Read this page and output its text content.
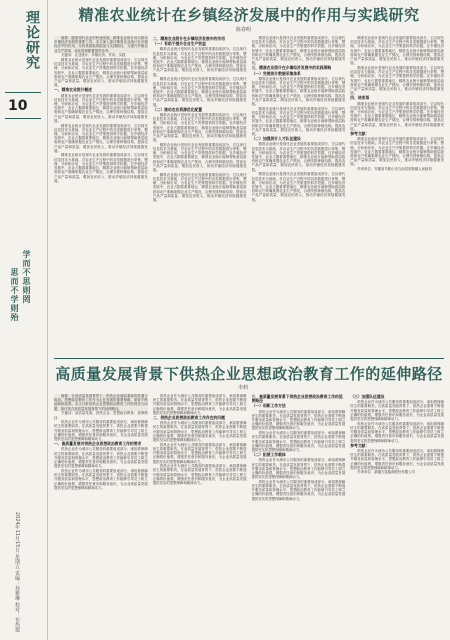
理论研究
10
学而不思则罔
思而不学则殆
2024年11月15日 星期五 责编：孙雅琳 校对：布热提
精准农业统计在乡镇经济发展中的作用与实践研究
陈春明

摘要：随着现代农业的快速发展，精准农业统计成为推动乡镇经济发展的重要工具。本文深入探讨精准农业统计在乡镇经济中的作用，分析其面临的挑战与实践路径，为提升乡镇农业生产效率、优化资源配置提供参考。

关键词：农业统计；乡镇经济；作用；实践

精准农业统计是现代农业发展的重要组成部分，它以现代信息技术为基础，对农业生产过程中的各类数据进行采集、整理、分析和应用，为农业生产决策提供科学依据。在乡镇经济发展中，农业占据着重要地位，精准农业统计能够帮助基层政府和农户准确掌握农业生产情况，合理安排种植结构，提高农产品产量和质量，增加农民收入，推动乡镇经济持续健康发展。

一、精准农业统计概述

精准农业统计是现代农业发展的重要组成部分，它以现代信息技术为基础，对农业生产过程中的各类数据进行采集、整理、分析和应用，为农业生产决策提供科学依据。在乡镇经济发展中，农业占据着重要地位，精准农业统计能够帮助基层政府和农户准确掌握农业生产情况，合理安排种植结构，提高农产品产量和质量，增加农民收入，推动乡镇经济持续健康发展。

精准农业统计是现代农业发展的重要组成部分，它以现代信息技术为基础，对农业生产过程中的各类数据进行采集、整理、分析和应用，为农业生产决策提供科学依据。在乡镇经济发展中，农业占据着重要地位，精准农业统计能够帮助基层政府和农户准确掌握农业生产情况，合理安排种植结构，提高农产品产量和质量，增加农民收入，推动乡镇经济持续健康发展。

精准农业统计是现代农业发展的重要组成部分，它以现代信息技术为基础，对农业生产过程中的各类数据进行采集、整理、分析和应用，为农业生产决策提供科学依据。在乡镇经济发展中，农业占据着重要地位，精准农业统计能够帮助基层政府和农户准确掌握农业生产情况，合理安排种植结构，提高农产品产量和质量，增加农民收入，推动乡镇经济持续健康发展。

二、精准农业统计在乡镇经济发展中的作用
（一）有助于提升农业生产效益

精准农业统计是现代农业发展的重要组成部分，它以现代信息技术为基础，对农业生产过程中的各类数据进行采集、整理、分析和应用，为农业生产决策提供科学依据。在乡镇经济发展中，农业占据着重要地位，精准农业统计能够帮助基层政府和农户准确掌握农业生产情况，合理安排种植结构，提高农产品产量和质量，增加农民收入，推动乡镇经济持续健康发展。

精准农业统计是现代农业发展的重要组成部分，它以现代信息技术为基础，对农业生产过程中的各类数据进行采集、整理、分析和应用，为农业生产决策提供科学依据。在乡镇经济发展中，农业占据着重要地位，精准农业统计能够帮助基层政府和农户准确掌握农业生产情况，合理安排种植结构，提高农产品产量和质量，增加农民收入，推动乡镇经济持续健康发展。

（二）推动农业资源优化配置

精准农业统计是现代农业发展的重要组成部分，它以现代信息技术为基础，对农业生产过程中的各类数据进行采集、整理、分析和应用，为农业生产决策提供科学依据。在乡镇经济发展中，农业占据着重要地位，精准农业统计能够帮助基层政府和农户准确掌握农业生产情况，合理安排种植结构，提高农产品产量和质量，增加农民收入，推动乡镇经济持续健康发展。

精准农业统计是现代农业发展的重要组成部分，它以现代信息技术为基础，对农业生产过程中的各类数据进行采集、整理、分析和应用，为农业生产决策提供科学依据。在乡镇经济发展中，农业占据着重要地位，精准农业统计能够帮助基层政府和农户准确掌握农业生产情况，合理安排种植结构，提高农产品产量和质量，增加农民收入，推动乡镇经济持续健康发展。

精准农业统计是现代农业发展的重要组成部分，它以现代信息技术为基础，对农业生产过程中的各类数据进行采集、整理、分析和应用，为农业生产决策提供科学依据。在乡镇经济发展中，农业占据着重要地位，精准农业统计能够帮助基层政府和农户准确掌握农业生产情况，合理安排种植结构，提高农产品产量和质量，增加农民收入，推动乡镇经济持续健康发展。

精准农业统计是现代农业发展的重要组成部分，它以现代信息技术为基础，对农业生产过程中的各类数据进行采集、整理、分析和应用，为农业生产决策提供科学依据。在乡镇经济发展中，农业占据着重要地位，精准农业统计能够帮助基层政府和农户准确掌握农业生产情况，合理安排种植结构，提高农产品产量和质量，增加农民收入，推动乡镇经济持续健康发展。

三、精准农业统计在乡镇经济发展中的实践策略
（一）完善统计数据采集体系

精准农业统计是现代农业发展的重要组成部分，它以现代信息技术为基础，对农业生产过程中的各类数据进行采集、整理、分析和应用，为农业生产决策提供科学依据。在乡镇经济发展中，农业占据着重要地位，精准农业统计能够帮助基层政府和农户准确掌握农业生产情况，合理安排种植结构，提高农产品产量和质量，增加农民收入，推动乡镇经济持续健康发展。

精准农业统计是现代农业发展的重要组成部分，它以现代信息技术为基础，对农业生产过程中的各类数据进行采集、整理、分析和应用，为农业生产决策提供科学依据。在乡镇经济发展中，农业占据着重要地位，精准农业统计能够帮助基层政府和农户准确掌握农业生产情况，合理安排种植结构，提高农产品产量和质量，增加农民收入，推动乡镇经济持续健康发展。

（二）加强统计人才队伍建设

精准农业统计是现代农业发展的重要组成部分，它以现代信息技术为基础，对农业生产过程中的各类数据进行采集、整理、分析和应用，为农业生产决策提供科学依据。在乡镇经济发展中，农业占据着重要地位，精准农业统计能够帮助基层政府和农户准确掌握农业生产情况，合理安排种植结构，提高农产品产量和质量，增加农民收入，推动乡镇经济持续健康发展。

精准农业统计是现代农业发展的重要组成部分，它以现代信息技术为基础，对农业生产过程中的各类数据进行采集、整理、分析和应用，为农业生产决策提供科学依据。在乡镇经济发展中，农业占据着重要地位，精准农业统计能够帮助基层政府和农户准确掌握农业生产情况，合理安排种植结构，提高农产品产量和质量，增加农民收入，推动乡镇经济持续健康发展。

精准农业统计是现代农业发展的重要组成部分，它以现代信息技术为基础，对农业生产过程中的各类数据进行采集、整理、分析和应用，为农业生产决策提供科学依据。在乡镇经济发展中，农业占据着重要地位，精准农业统计能够帮助基层政府和农户准确掌握农业生产情况，合理安排种植结构，提高农产品产量和质量，增加农民收入，推动乡镇经济持续健康发展。

精准农业统计是现代农业发展的重要组成部分，它以现代信息技术为基础，对农业生产过程中的各类数据进行采集、整理、分析和应用，为农业生产决策提供科学依据。在乡镇经济发展中，农业占据着重要地位，精准农业统计能够帮助基层政府和农户准确掌握农业生产情况，合理安排种植结构，提高农产品产量和质量，增加农民收入，推动乡镇经济持续健康发展。

四、结束语

精准农业统计是现代农业发展的重要组成部分，它以现代信息技术为基础，对农业生产过程中的各类数据进行采集、整理、分析和应用，为农业生产决策提供科学依据。在乡镇经济发展中，农业占据着重要地位，精准农业统计能够帮助基层政府和农户准确掌握农业生产情况，合理安排种植结构，提高农产品产量和质量，增加农民收入，推动乡镇经济持续健康发展。

参考文献：

精准农业统计是现代农业发展的重要组成部分，它以现代信息技术为基础，对农业生产过程中的各类数据进行采集、整理、分析和应用，为农业生产决策提供科学依据。在乡镇经济发展中，农业占据着重要地位，精准农业统计能够帮助基层政府和农户准确掌握农业生产情况，合理安排种植结构，提高农产品产量和质量，增加农民收入，推动乡镇经济持续健康发展。

作者单位：安徽省马鞍山市当涂县姑孰镇人民政府

高质量发展背景下供热企业思想政治教育工作的延伸路径
李莉

摘要：在高质量发展背景下，供热企业面临着新的机遇与挑战。思想政治教育工作作为企业发展的重要保障，需要不断创新和延伸。本文分析供热企业思想政治教育工作的现状与问题，探讨其在高质量发展背景下的延伸路径。

关键词：高质量发展；供热企业；思想政治教育；延伸路径

供热企业作为城市公共服务的重要组成部分，承担着保障民生的重要职责。在高质量发展背景下，供热企业需要不断提升服务质量和管理水平，思想政治教育工作能够引导员工树立正确的价值观，增强责任意识和服务意识，为企业高质量发展提供坚实的思想保障和精神动力。

一、高质量发展对供热企业思想政治教育工作的要求

供热企业作为城市公共服务的重要组成部分，承担着保障民生的重要职责。在高质量发展背景下，供热企业需要不断提升服务质量和管理水平，思想政治教育工作能够引导员工树立正确的价值观，增强责任意识和服务意识，为企业高质量发展提供坚实的思想保障和精神动力。

供热企业作为城市公共服务的重要组成部分，承担着保障民生的重要职责。在高质量发展背景下，供热企业需要不断提升服务质量和管理水平，思想政治教育工作能够引导员工树立正确的价值观，增强责任意识和服务意识，为企业高质量发展提供坚实的思想保障和精神动力。

供热企业作为城市公共服务的重要组成部分，承担着保障民生的重要职责。在高质量发展背景下，供热企业需要不断提升服务质量和管理水平，思想政治教育工作能够引导员工树立正确的价值观，增强责任意识和服务意识，为企业高质量发展提供坚实的思想保障和精神动力。

二、供热企业思想政治教育工作存在的问题

供热企业作为城市公共服务的重要组成部分，承担着保障民生的重要职责。在高质量发展背景下，供热企业需要不断提升服务质量和管理水平，思想政治教育工作能够引导员工树立正确的价值观，增强责任意识和服务意识，为企业高质量发展提供坚实的思想保障和精神动力。

供热企业作为城市公共服务的重要组成部分，承担着保障民生的重要职责。在高质量发展背景下，供热企业需要不断提升服务质量和管理水平，思想政治教育工作能够引导员工树立正确的价值观，增强责任意识和服务意识，为企业高质量发展提供坚实的思想保障和精神动力。

供热企业作为城市公共服务的重要组成部分，承担着保障民生的重要职责。在高质量发展背景下，供热企业需要不断提升服务质量和管理水平，思想政治教育工作能够引导员工树立正确的价值观，增强责任意识和服务意识，为企业高质量发展提供坚实的思想保障和精神动力。

三、高质量发展背景下供热企业思想政治教育工作的延伸路径
（一）创新工作方法

供热企业作为城市公共服务的重要组成部分，承担着保障民生的重要职责。在高质量发展背景下，供热企业需要不断提升服务质量和管理水平，思想政治教育工作能够引导员工树立正确的价值观，增强责任意识和服务意识，为企业高质量发展提供坚实的思想保障和精神动力。

供热企业作为城市公共服务的重要组成部分，承担着保障民生的重要职责。在高质量发展背景下，供热企业需要不断提升服务质量和管理水平，思想政治教育工作能够引导员工树立正确的价值观，增强责任意识和服务意识，为企业高质量发展提供坚实的思想保障和精神动力。

（二）拓展工作载体

供热企业作为城市公共服务的重要组成部分，承担着保障民生的重要职责。在高质量发展背景下，供热企业需要不断提升服务质量和管理水平，思想政治教育工作能够引导员工树立正确的价值观，增强责任意识和服务意识，为企业高质量发展提供坚实的思想保障和精神动力。

供热企业作为城市公共服务的重要组成部分，承担着保障民生的重要职责。在高质量发展背景下，供热企业需要不断提升服务质量和管理水平，思想政治教育工作能够引导员工树立正确的价值观，增强责任意识和服务意识，为企业高质量发展提供坚实的思想保障和精神动力。

（三）加强队伍建设

供热企业作为城市公共服务的重要组成部分，承担着保障民生的重要职责。在高质量发展背景下，供热企业需要不断提升服务质量和管理水平，思想政治教育工作能够引导员工树立正确的价值观，增强责任意识和服务意识，为企业高质量发展提供坚实的思想保障和精神动力。

供热企业作为城市公共服务的重要组成部分，承担着保障民生的重要职责。在高质量发展背景下，供热企业需要不断提升服务质量和管理水平，思想政治教育工作能够引导员工树立正确的价值观，增强责任意识和服务意识，为企业高质量发展提供坚实的思想保障和精神动力。

参考文献：

供热企业作为城市公共服务的重要组成部分，承担着保障民生的重要职责。在高质量发展背景下，供热企业需要不断提升服务质量和管理水平，思想政治教育工作能够引导员工树立正确的价值观，增强责任意识和服务意识，为企业高质量发展提供坚实的思想保障和精神动力。

作者单位：新疆天富能源股份有限公司
